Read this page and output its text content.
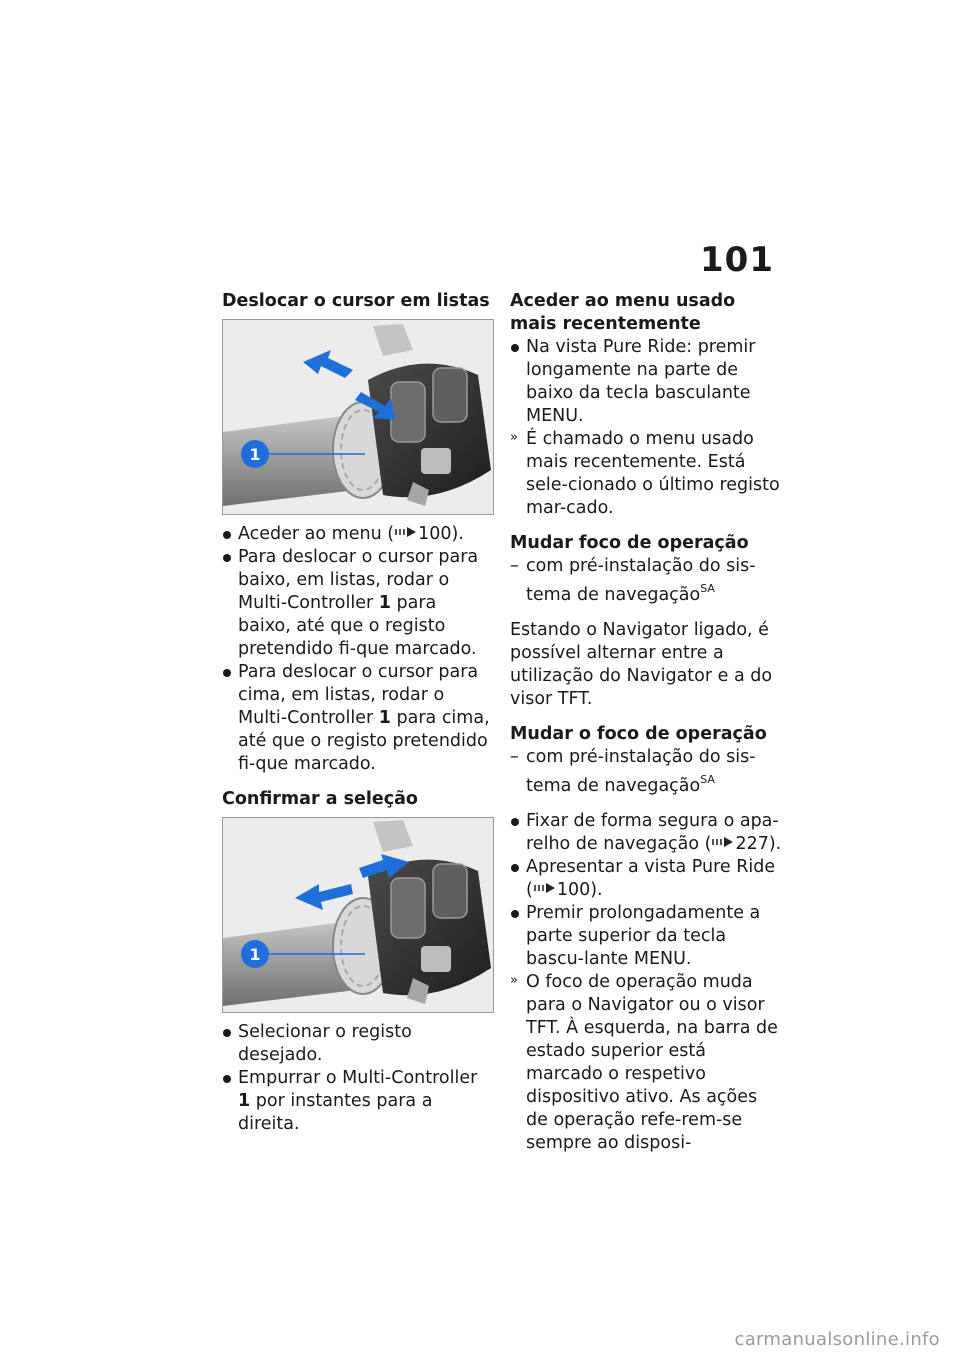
101
Deslocar o cursor em listas
1
Aceder ao menu ( 100).
Para deslocar o cursor para baixo, em listas, rodar o Multi-Controller 1 para baixo, até que o registo pretendido fi-que marcado.
Para deslocar o cursor para cima, em listas, rodar o Multi-Controller 1 para cima, até que o registo pretendido fi-que marcado.
Confirmar a seleção
1
Selecionar o registo desejado.
Empurrar o Multi-Controller 1 por instantes para a direita.
Aceder ao menu usado mais recentemente
Na vista Pure Ride: premir longamente na parte de baixo da tecla basculante MENU.
» É chamado o menu usado mais recentemente. Está sele-cionado o último registo mar-cado.
Mudar foco de operação
– com pré-instalação do sis-tema de navegação$^{SA}$
Estando o Navigator ligado, é possível alternar entre a utilização do Navigator e a do visor TFT.
Mudar o foco de operação
– com pré-instalação do sis-tema de navegação$^{SA}$
Fixar de forma segura o apa-relho de navegação ( 227).
Apresentar a vista Pure Ride ( 100).
Premir prolongadamente a parte superior da tecla bascu-lante MENU.
» O foco de operação muda para o Navigator ou o visor TFT. À esquerda, na barra de estado superior está marcado o respetivo dispositivo ativo. As ações de operação refe-rem-se sempre ao disposi-
carmanualsonline.info
